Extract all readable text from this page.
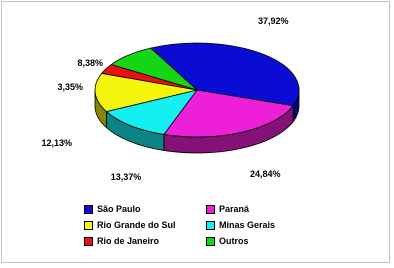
37,92%
24,84%
12,13%
13,37%
3,35%
8,38%
São Paulo	Paraná
Rio Grande do Sul	Minas Gerais
Rio de Janeiro	Outros
